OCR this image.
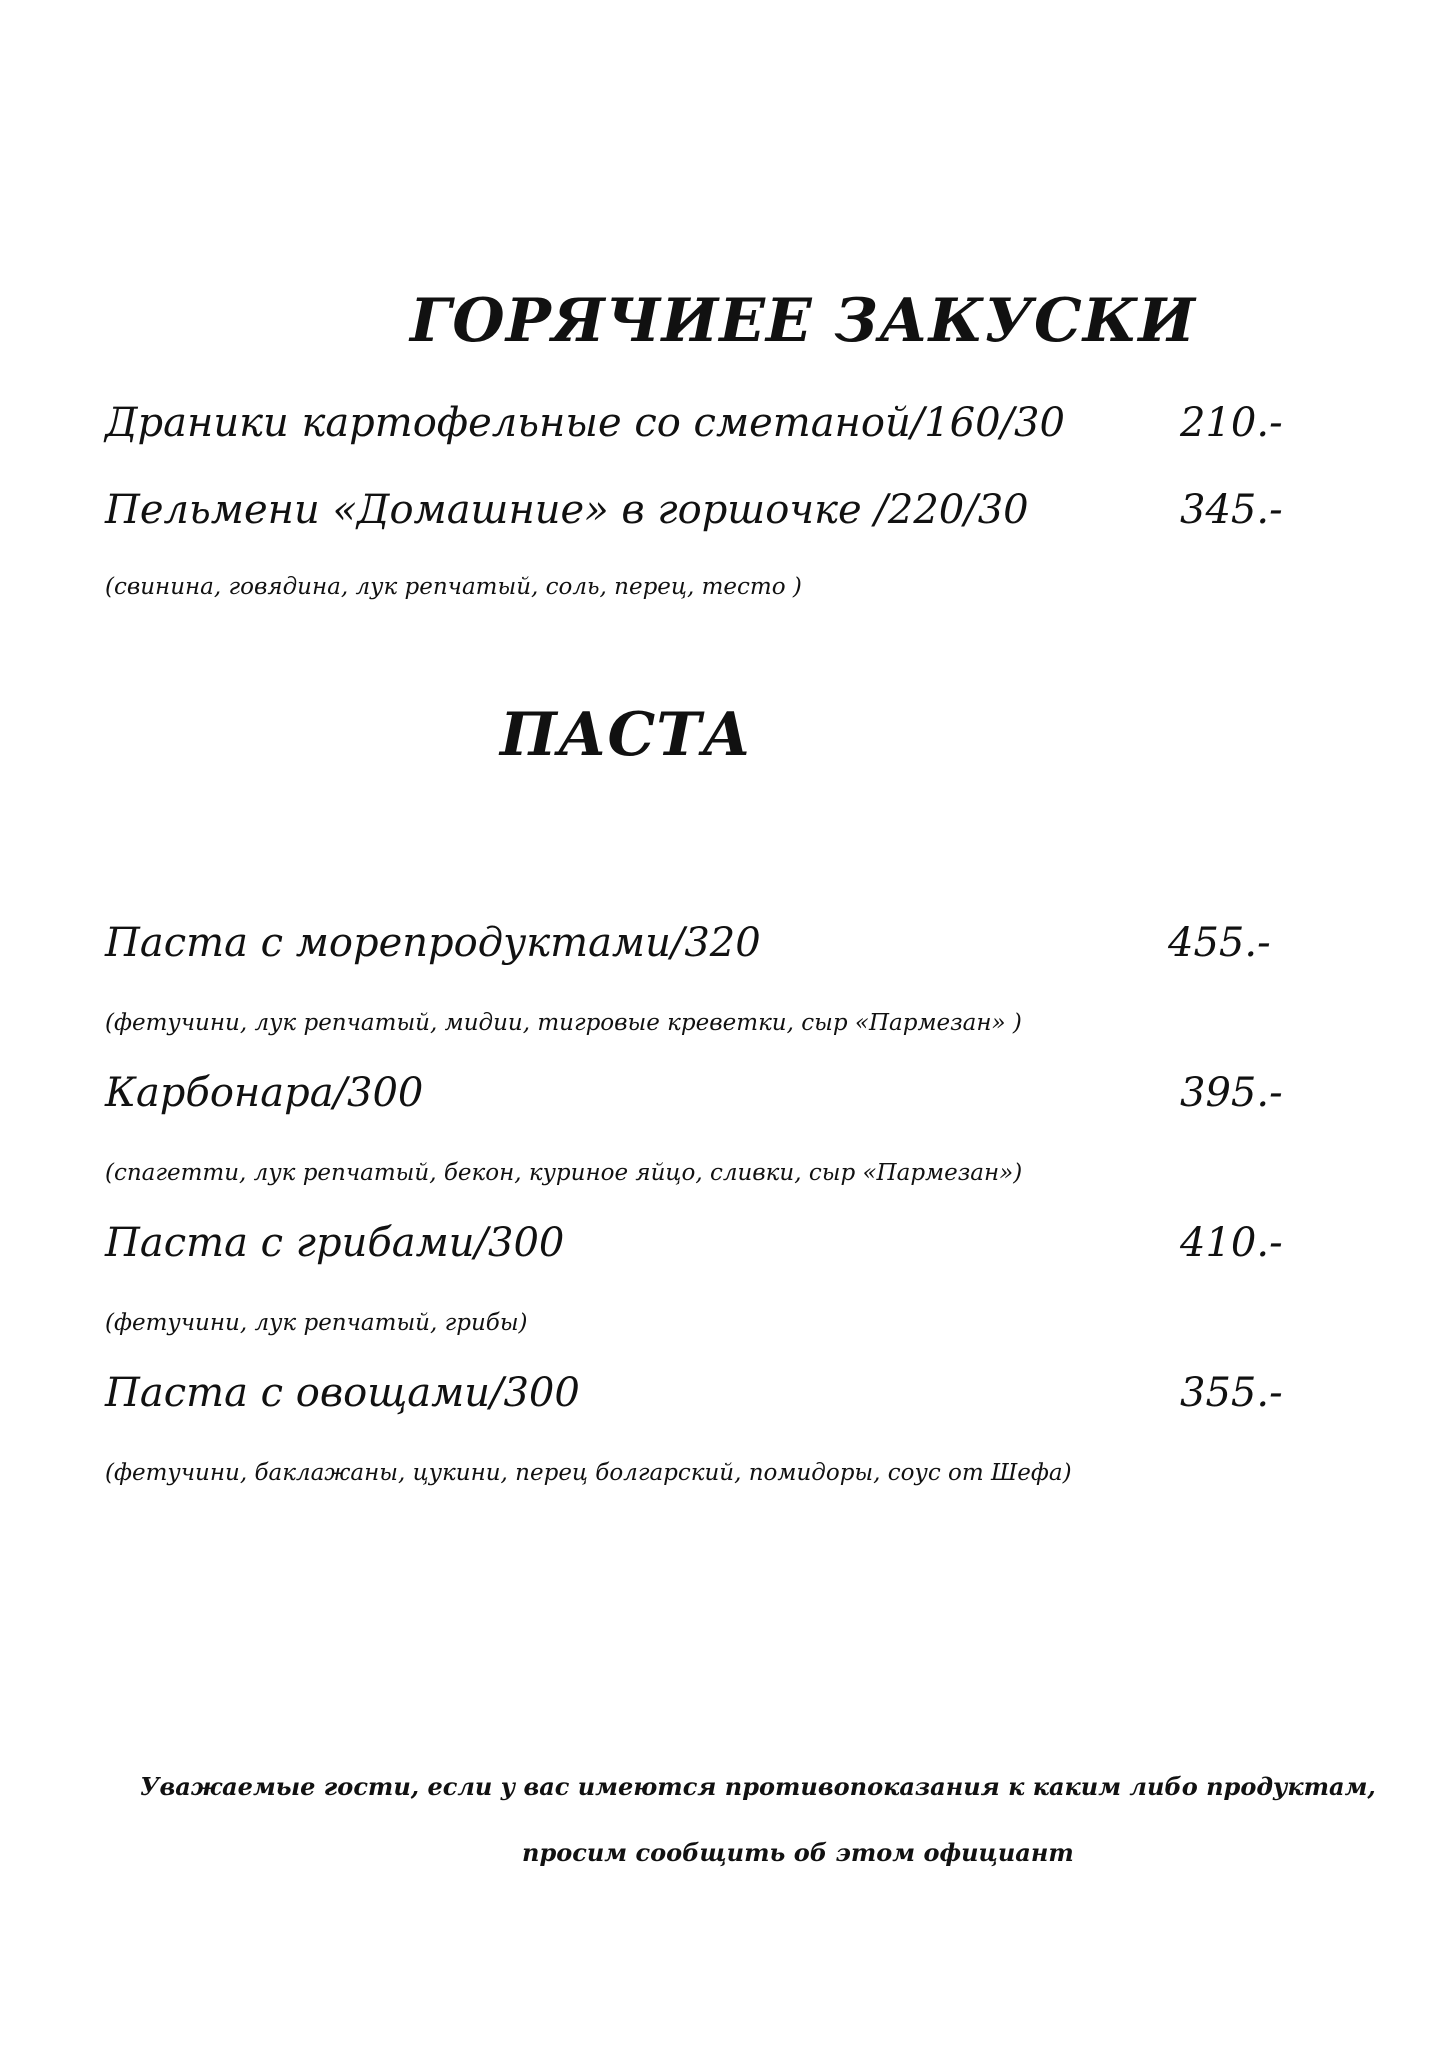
ГОРЯЧИЕЕ ЗАКУСКИ
Драники картофельные со сметаной/160/30	210.-
Пельмени «Домашние» в горшочке /220/30	345.-
(свинина, говядина, лук репчатый, соль, перец, тесто )
ПАСТА
Паста с морепродуктами/320	455.-
(фетучини, лук репчатый, мидии, тигровые креветки, сыр «Пармезан» )
Карбонара/300	395.-
(спагетти, лук репчатый, бекон, куриное яйцо, сливки, сыр «Пармезан»)
Паста с грибами/300	410.-
(фетучини, лук репчатый, грибы)
Паста с овощами/300	355.-
(фетучини, баклажаны, цукини, перец болгарский, помидоры, соус от Шефа)
Уважаемые гости, если у вас имеются противопоказания к каким либо продуктам,
просим сообщить об этом официант
